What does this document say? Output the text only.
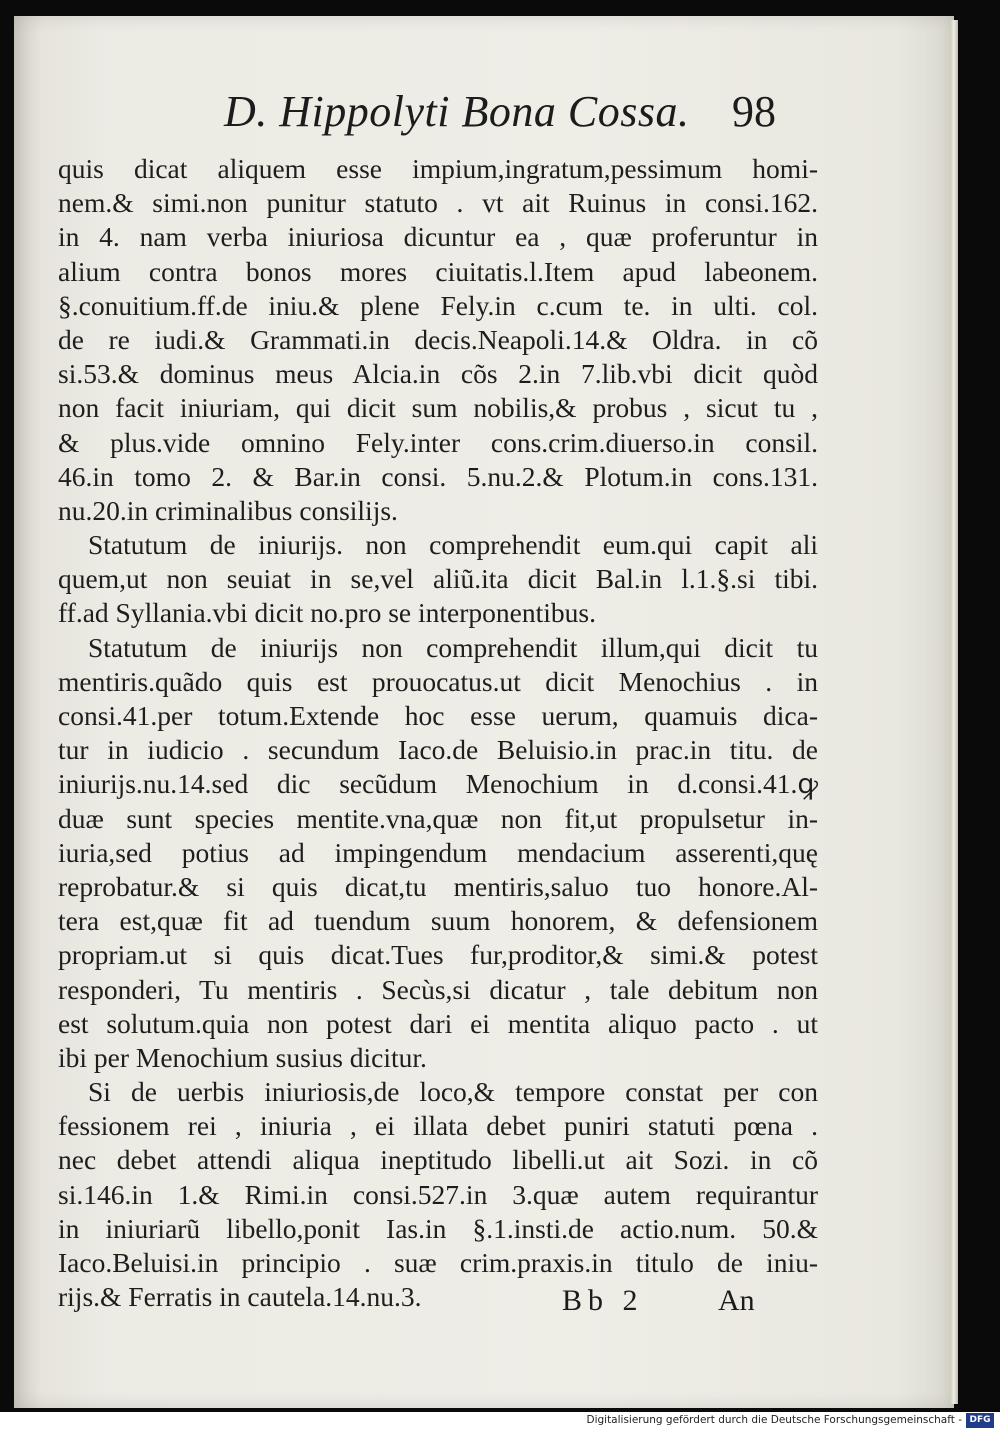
D. Hippolyti Bona Cossa. 98
quis dicat aliquem esse impium,ingratum,pessimum homi-
nem.& simi.non punitur statuto . vt ait Ruinus in consi.162.
in 4. nam verba iniuriosa dicuntur ea , quæ proferuntur in
alium contra bonos mores ciuitatis.l.Item apud labeonem.
§.conuitium.ff.de iniu.& plene Fely.in c.cum te. in ulti. col.
de re iudi.& Grammati.in decis.Neapoli.14.& Oldra. in cõ
si.53.& dominus meus Alcia.in cõs 2.in 7.lib.vbi dicit quòd
non facit iniuriam, qui dicit sum nobilis,& probus , sicut tu ,
& plus.vide omnino Fely.inter cons.crim.diuerso.in consil.
46.in tomo 2. & Bar.in consi. 5.nu.2.& Plotum.in cons.131.
nu.20.in criminalibus consilijs.
Statutum de iniurijs. non comprehendit eum.qui capit ali
quem,ut non seuiat in se,vel aliũ.ita dicit Bal.in l.1.§.si tibi.
ff.ad Syllania.vbi dicit no.pro se interponentibus.
Statutum de iniurijs non comprehendit illum,qui dicit tu
mentiris.quãdo quis est prouocatus.ut dicit Menochius . in
consi.41.per totum.Extende hoc esse uerum, quamuis dica-
tur in iudicio . secundum Iaco.de Beluisio.in prac.in titu. de
iniurijs.nu.14.sed dic secũdum Menochium in d.consi.41.ꝙ
duæ sunt species mentite.vna,quæ non fit,ut propulsetur in-
iuria,sed potius ad impingendum mendacium asserenti,quę
reprobatur.& si quis dicat,tu mentiris,saluo tuo honore.Al-
tera est,quæ fit ad tuendum suum honorem, & defensionem
propriam.ut si quis dicat.Tues fur,proditor,& simi.& potest
responderi, Tu mentiris . Secùs,si dicatur , tale debitum non
est solutum.quia non potest dari ei mentita aliquo pacto . ut
ibi per Menochium susius dicitur.
Si de uerbis iniuriosis,de loco,& tempore constat per con
fessionem rei , iniuria , ei illata debet puniri statuti pœna .
nec debet attendi aliqua ineptitudo libelli.ut ait Sozi. in cõ
si.146.in 1.& Rimi.in consi.527.in 3.quæ autem requirantur
in iniuriarũ libello,ponit Ias.in §.1.insti.de actio.num. 50.&
Iaco.Beluisi.in principio . suæ crim.praxis.in titulo de iniu-
rijs.& Ferratis in cautela.14.nu.3.	Bb 2 An
Digitalisierung gefördert durch die Deutsche Forschungsgemeinschaft - DFG
